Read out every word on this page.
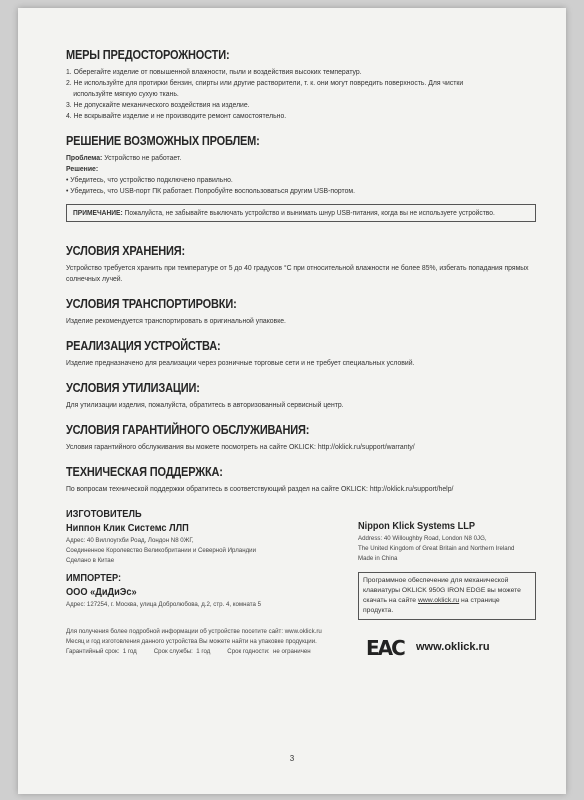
МЕРЫ ПРЕДОСТОРОЖНОСТИ:

1. Оберегайте изделие от повышенной влажности, пыли и воздействия высоких температур.

2. Не используйте для протирки бензин, спирты или другие растворители, т. к. они могут повредить поверхность. Для чистки

используйте мягкую сухую ткань.

3. Не допускайте механического воздействия на изделие.

4. Не вскрывайте изделие и не производите ремонт самостоятельно.

РЕШЕНИЕ ВОЗМОЖНЫХ ПРОБЛЕМ:

Проблема: Устройство не работает.

Решение:

• Убедитесь, что устройство подключено правильно.

• Убедитесь, что USB-порт ПК работает. Попробуйте воспользоваться другим USB-портом.

ПРИМЕЧАНИЕ: Пожалуйста, не забывайте выключать устройство и вынимать шнур USB-питания, когда вы не используете устройство.
УСЛОВИЯ ХРАНЕНИЯ:

Устройство требуется хранить при температуре от 5 до 40 градусов °C при относительной влажности не более 85%, избегать попадания прямых солнечных лучей.

УСЛОВИЯ ТРАНСПОРТИРОВКИ:

Изделие рекомендуется транспортировать в оригинальной упаковке.

РЕАЛИЗАЦИЯ УСТРОЙСТВА:

Изделие предназначено для реализации через розничные торговые сети и не требует специальных условий.

УСЛОВИЯ УТИЛИЗАЦИИ:

Для утилизации изделия, пожалуйста, обратитесь в авторизованный сервисный центр.

УСЛОВИЯ ГАРАНТИЙНОГО ОБСЛУЖИВАНИЯ:

Условия гарантийного обслуживания вы можете посмотреть на сайте OKLICK: http://oklick.ru/support/warranty/

ТЕХНИЧЕСКАЯ ПОДДЕРЖКА:

По вопросам технической поддержки обратитесь в соответствующий раздел на сайте OKLICK: http://oklick.ru/support/help/

ИЗГОТОВИТЕЛЬ
Ниппон Клик Системс ЛЛП

Адрес: 40 Виллоугхби Роад, Лондон N8 0ЖГ,

Соединенное Королевство Великобритании и Северной Ирландии

Сделано в Китае

ИМПОРТЕР:
ООО «ДиДиЭс»

Адрес: 127254, г. Москва, улица Добролюбова, д.2, стр. 4, комната 5

Nippon Klick Systems LLP

Address: 40 Willoughby Road, London N8 0JG,

The United Kingdom of Great Britain and Northern Ireland

Made in China

Программное обеспечение для механической
клавиатуры OKLICK 950G IRON EDGE вы можете
скачать на сайте www.oklick.ru на странице
продукта.

Для получения более подробной информации об устройстве посетите сайт: www.oklick.ru

Месяц и год изготовления данного устройства Вы можете найти на упаковке продукции.

Гарантийный срок:  1 год          Срок службы:  1 год          Срок годности:  не ограничен	ЕАС www.oklick.ru
3
